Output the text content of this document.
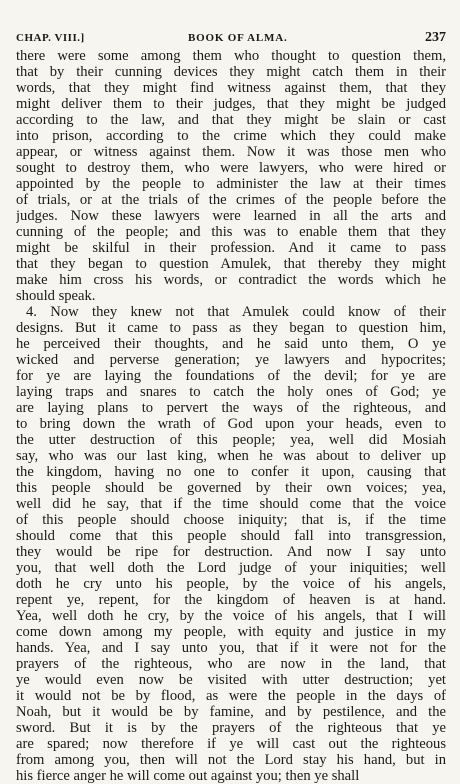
CHAP. VIII.]	BOOK OF ALMA.	237
there were some among them who thought to question them,
that by their cunning devices they might catch them in their
words, that they might find witness against them, that they
might deliver them to their judges, that they might be judged
according to the law, and that they might be slain or cast
into prison, according to the crime which they could make
appear, or witness against them. Now it was those men who
sought to destroy them, who were lawyers, who were hired or
appointed by the people to administer the law at their times
of trials, or at the trials of the crimes of the people before the
judges. Now these lawyers were learned in all the arts and
cunning of the people; and this was to enable them that they
might be skilful in their profession. And it came to pass
that they began to question Amulek, that thereby they might
make him cross his words, or contradict the words which he
should speak.
4. Now they knew not that Amulek could know of their
designs. But it came to pass as they began to question him,
he perceived their thoughts, and he said unto them, O ye
wicked and perverse generation; ye lawyers and hypocrites;
for ye are laying the foundations of the devil; for ye are
laying traps and snares to catch the holy ones of God; ye
are laying plans to pervert the ways of the righteous, and
to bring down the wrath of God upon your heads, even to
the utter destruction of this people; yea, well did Mosiah
say, who was our last king, when he was about to deliver up
the kingdom, having no one to confer it upon, causing that
this people should be governed by their own voices; yea,
well did he say, that if the time should come that the voice
of this people should choose iniquity; that is, if the time
should come that this people should fall into transgression,
they would be ripe for destruction. And now I say unto
you, that well doth the Lord judge of your iniquities; well
doth he cry unto his people, by the voice of his angels,
repent ye, repent, for the kingdom of heaven is at hand.
Yea, well doth he cry, by the voice of his angels, that I will
come down among my people, with equity and justice in my
hands. Yea, and I say unto you, that if it were not for the
prayers of the righteous, who are now in the land, that
ye would even now be visited with utter destruction; yet
it would not be by flood, as were the people in the days of
Noah, but it would be by famine, and by pestilence, and the
sword. But it is by the prayers of the righteous that ye
are spared; now therefore if ye will cast out the righteous
from among you, then will not the Lord stay his hand, but in
his fierce anger he will come out against you; then ye shall
